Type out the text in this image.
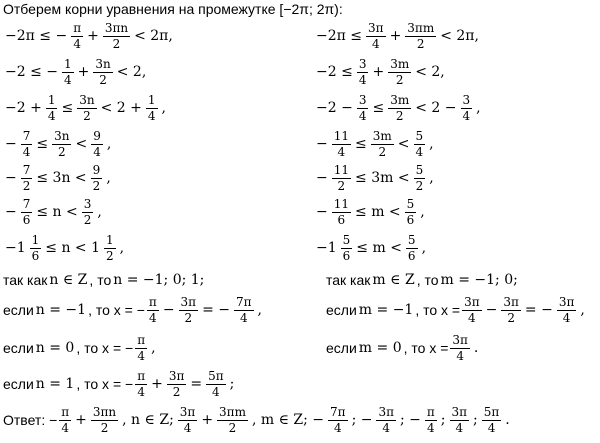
Отберем корни уравнения на промежутке [−2π; 2π):
−2π ≤ − $\frac{\pi}{4} + \frac{3\pi n}{2} < 2\pi$,
−2 ≤ − $\frac{1}{4} + \frac{3n}{2} < 2$,
$-2 + \frac{1}{4} \le \frac{3n}{2} < 2 + \frac{1}{4}$ ,
− $\frac{7}{4} \le \frac{3n}{2} < \frac{9}{4}$ ,
− $\frac{7}{2} \le 3n < \frac{9}{2}$ ,
− $\frac{7}{6} \le n < \frac{3}{2}$ ,
$-1 \frac{1}{6} \le n < 1 \frac{1}{2}$ ,
$-2\pi \le \frac{3\pi}{4} + \frac{3\pi m}{2} < 2\pi$,
$-2 \le \frac{3}{4} + \frac{3m}{2} < 2$,
$-2 - \frac{3}{4} \le \frac{3m}{2} < 2 - \frac{3}{4}$ ,
− $\frac{11}{4} \le \frac{3m}{2} < \frac{5}{4}$ ,
− $\frac{11}{2} \le 3m < \frac{5}{2}$ ,
− $\frac{11}{6} \le m < \frac{5}{6}$ ,
$-1 \frac{5}{6} \le m < \frac{5}{6}$ ,
так как n ∈ Z , то n = −1; 0; 1;
если n = −1 , то х = − $\frac{\pi}{4} - \frac{3\pi}{2}$ = − $\frac{7\pi}{4}$ ,
если n = 0 , то х = − $\frac{\pi}{4}$ ,
если n = 1 , то х = − $\frac{\pi}{4} + \frac{3\pi}{2} = \frac{5\pi}{4}$ ;
так как m ∈ Z , то m = −1; 0;
если m = −1 , то $х = \frac{3\pi}{4} - \frac{3\pi}{2}$ = − $\frac{3\pi}{4}$ ,
если m = 0 , то $х = \frac{3\pi}{4}$ .
Ответ: − $\frac{\pi}{4} + \frac{3\pi n}{2}$ , n ∈ Z; $\frac{3\pi}{4} + \frac{3\pi m}{2}$ , m ∈ Z; − $\frac{7\pi}{4}$ ; − $\frac{3\pi}{4}$ ; − $\frac{\pi}{4}$ ; $\frac{3\pi}{4}$ ; $\frac{5\pi}{4}$ .
